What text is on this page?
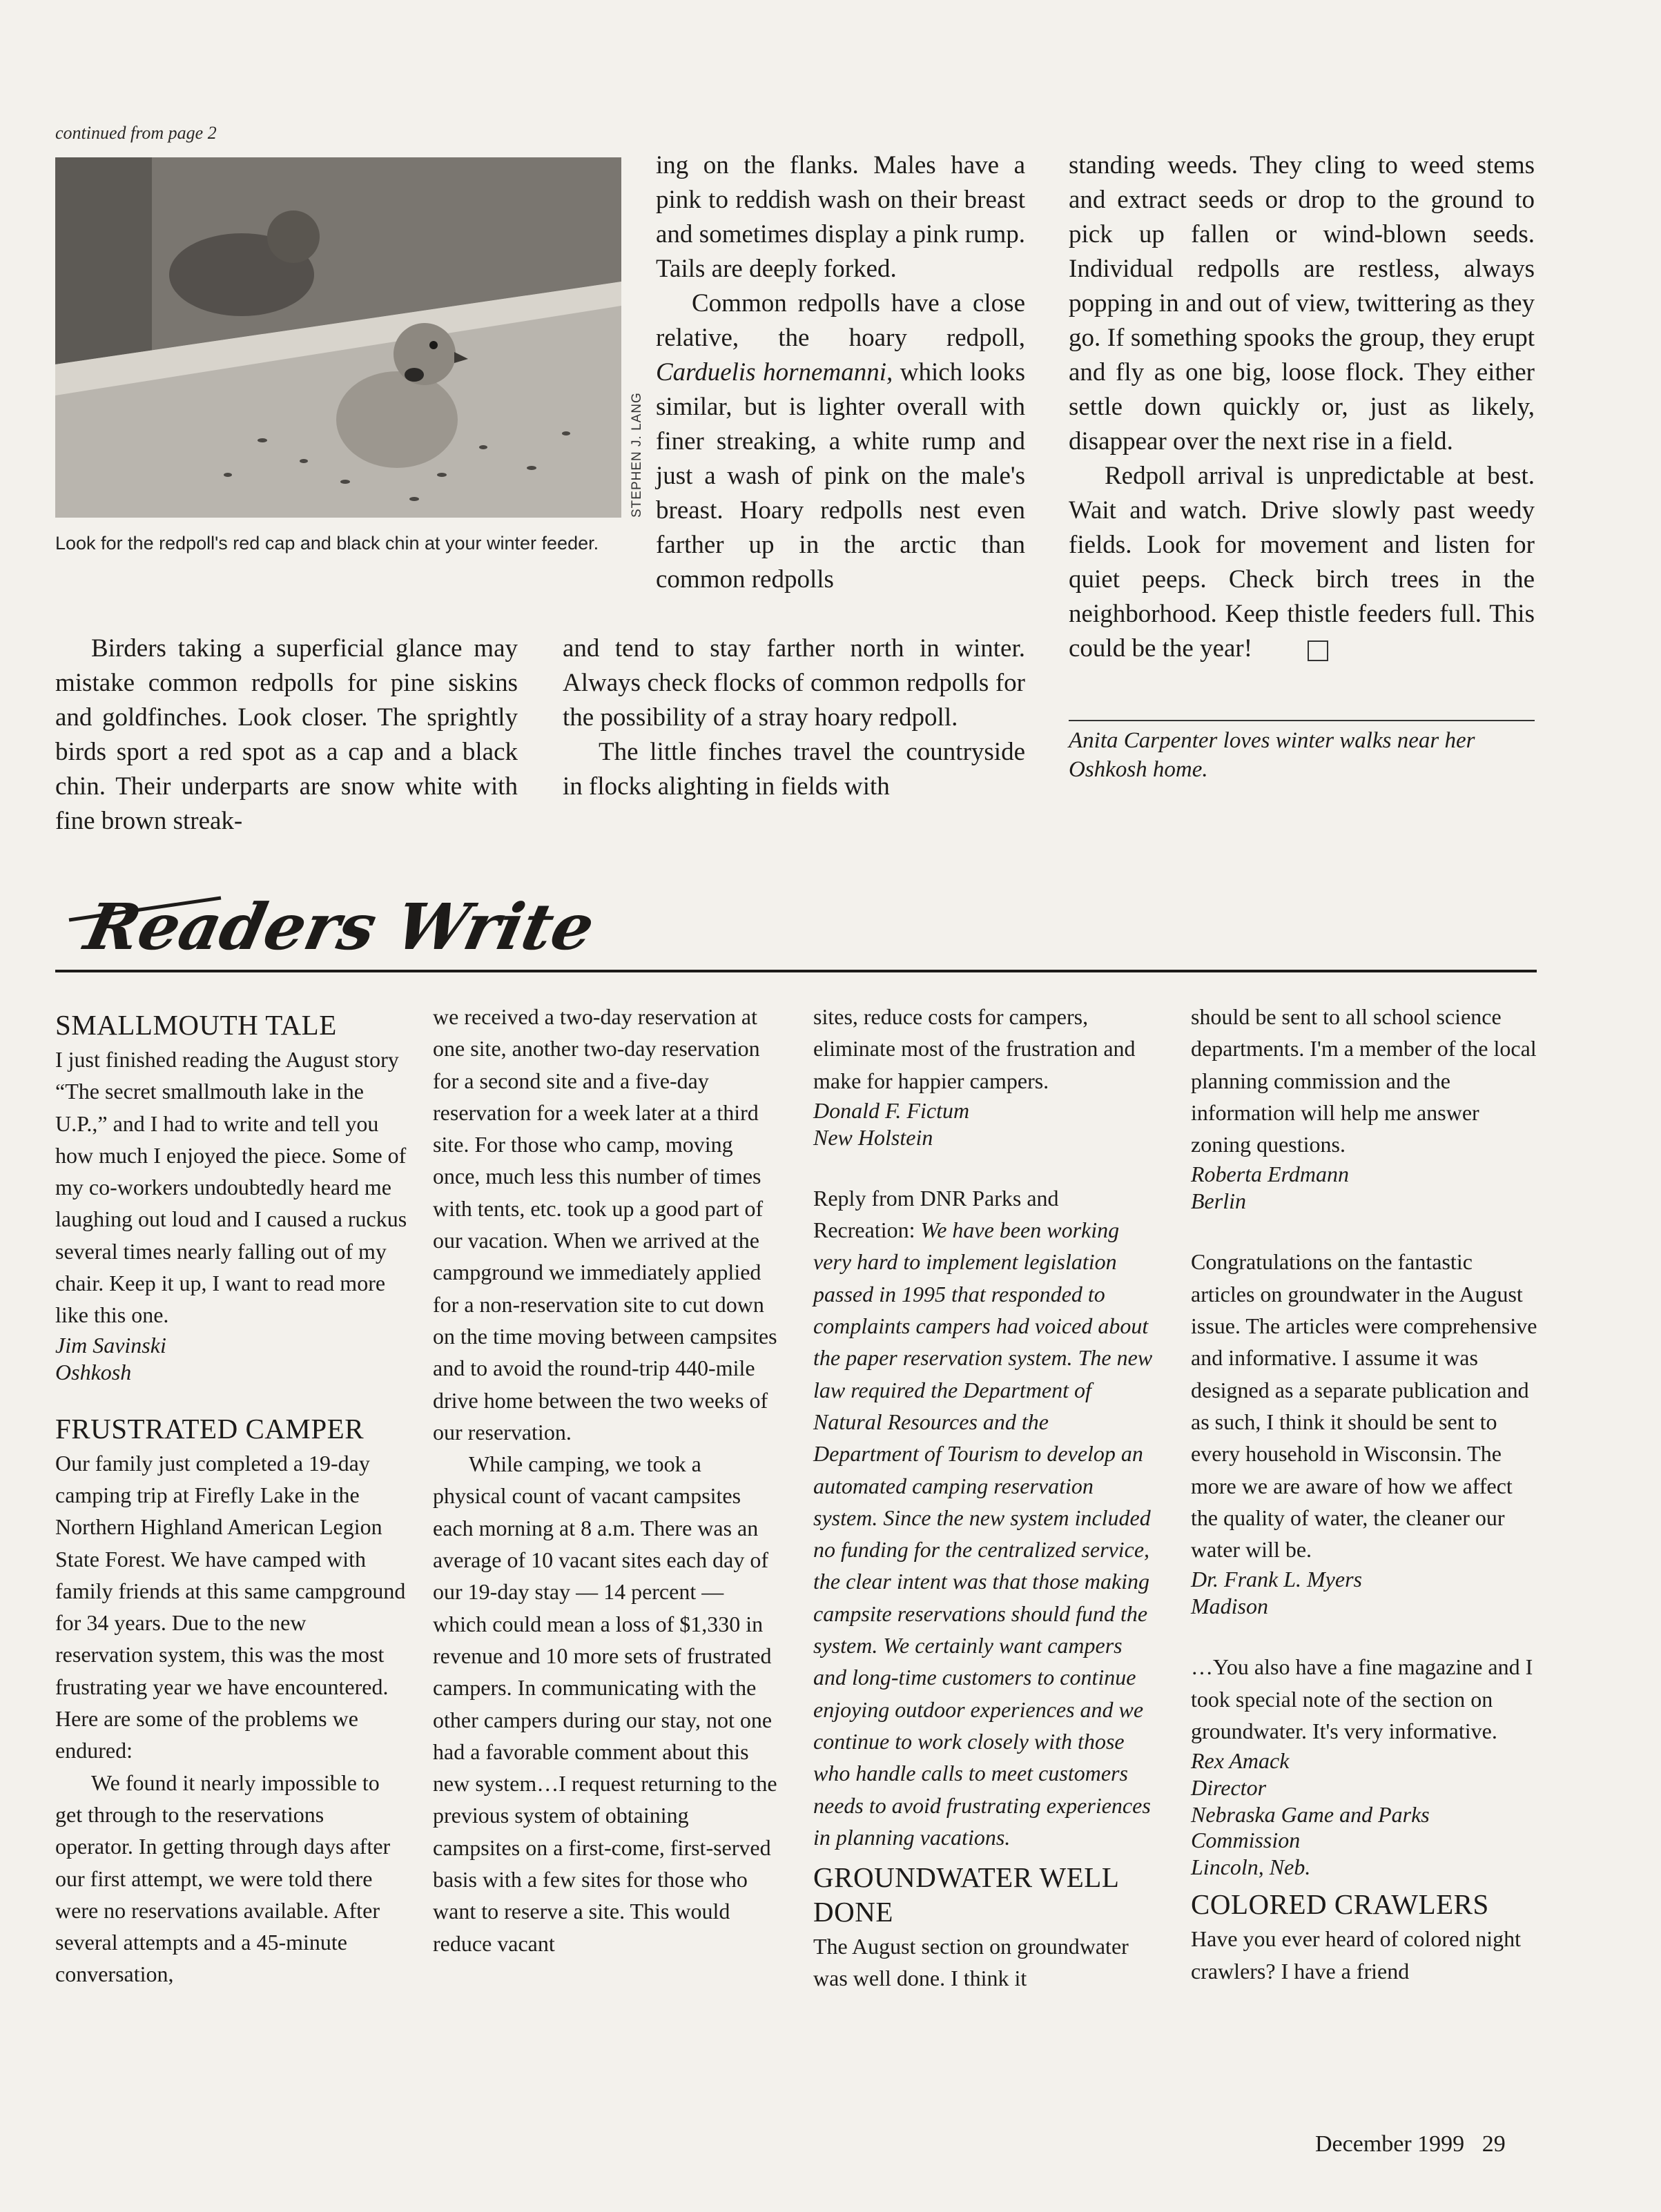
continued from page 2
STEPHEN J. LANG
Look for the redpoll's red cap and black chin at your winter feeder.

Birders taking a superficial glance may mistake common redpolls for pine siskins and goldfinches. Look closer. The sprightly birds sport a red spot as a cap and a black chin. Their underparts are snow white with fine brown streak-

ing on the flanks. Males have a pink to reddish wash on their breast and sometimes display a pink rump. Tails are deeply forked.

Common redpolls have a close relative, the hoary redpoll, Carduelis hornemanni, which looks similar, but is lighter overall with finer streaking, a white rump and just a wash of pink on the male's breast. Hoary redpolls nest even farther up in the arctic than common redpolls

and tend to stay farther north in winter. Always check flocks of common redpolls for the possibility of a stray hoary redpoll.

The little finches travel the countryside in flocks alighting in fields with

standing weeds. They cling to weed stems and extract seeds or drop to the ground to pick up fallen or wind-blown seeds. Individual redpolls are restless, always popping in and out of view, twittering as they go. If something spooks the group, they erupt and fly as one big, loose flock. They either settle down quickly or, just as likely, disappear over the next rise in a field.

Redpoll arrival is unpredictable at best. Wait and watch. Drive slowly past weedy fields. Look for movement and listen for quiet peeps. Check birch trees in the neighborhood. Keep thistle feeders full. This could be the year!

Anita Carpenter loves winter walks near her Oshkosh home.
Readers Write
SMALLMOUTH TALE

I just finished reading the August story “The secret smallmouth lake in the U.P.,” and I had to write and tell you how much I enjoyed the piece. Some of my co-workers undoubtedly heard me laughing out loud and I caused a ruckus several times nearly falling out of my chair. Keep it up, I want to read more like this one.

Jim Savinski

Oshkosh

FRUSTRATED CAMPER

Our family just completed a 19-day camping trip at Firefly Lake in the Northern Highland American Legion State Forest. We have camped with family friends at this same campground for 34 years. Due to the new reservation system, this was the most frustrating year we have encountered. Here are some of the problems we endured:

We found it nearly impossible to get through to the reservations operator. In getting through days after our first attempt, we were told there were no reservations available. After several attempts and a 45-minute conversation,

we received a two-day reservation at one site, another two-day reservation for a second site and a five-day reservation for a week later at a third site. For those who camp, moving once, much less this number of times with tents, etc. took up a good part of our vacation. When we arrived at the campground we immediately applied for a non-reservation site to cut down on the time moving between campsites and to avoid the round-trip 440-mile drive home between the two weeks of our reservation.

While camping, we took a physical count of vacant campsites each morning at 8 a.m. There was an average of 10 vacant sites each day of our 19-day stay — 14 percent — which could mean a loss of $1,330 in revenue and 10 more sets of frustrated campers. In communicating with the other campers during our stay, not one had a favorable comment about this new system…I request returning to the previous system of obtaining campsites on a first-come, first-served basis with a few sites for those who want to reserve a site. This would reduce vacant

sites, reduce costs for campers, eliminate most of the frustration and make for happier campers.

Donald F. Fictum

New Holstein

Reply from DNR Parks and Recreation: We have been working very hard to implement legislation passed in 1995 that responded to complaints campers had voiced about the paper reservation system. The new law required the Department of Natural Resources and the Department of Tourism to develop an automated camping reservation system. Since the new system included no funding for the centralized service, the clear intent was that those making campsite reservations should fund the system. We certainly want campers and long-time customers to continue enjoying outdoor experiences and we continue to work closely with those who handle calls to meet customers needs to avoid frustrating experiences in planning vacations.

GROUNDWATER WELL DONE

The August section on groundwater was well done. I think it

should be sent to all school science departments. I'm a member of the local planning commission and the information will help me answer zoning questions.

Roberta Erdmann

Berlin

Congratulations on the fantastic articles on groundwater in the August issue. The articles were comprehensive and informative. I assume it was designed as a separate publication and as such, I think it should be sent to every household in Wisconsin. The more we are aware of how we affect the quality of water, the cleaner our water will be.

Dr. Frank L. Myers

Madison

…You also have a fine magazine and I took special note of the section on groundwater. It's very informative.

Rex Amack

Director

Nebraska Game and Parks Commission

Lincoln, Neb.

COLORED CRAWLERS

Have you ever heard of colored night crawlers? I have a friend

December 1999 29
